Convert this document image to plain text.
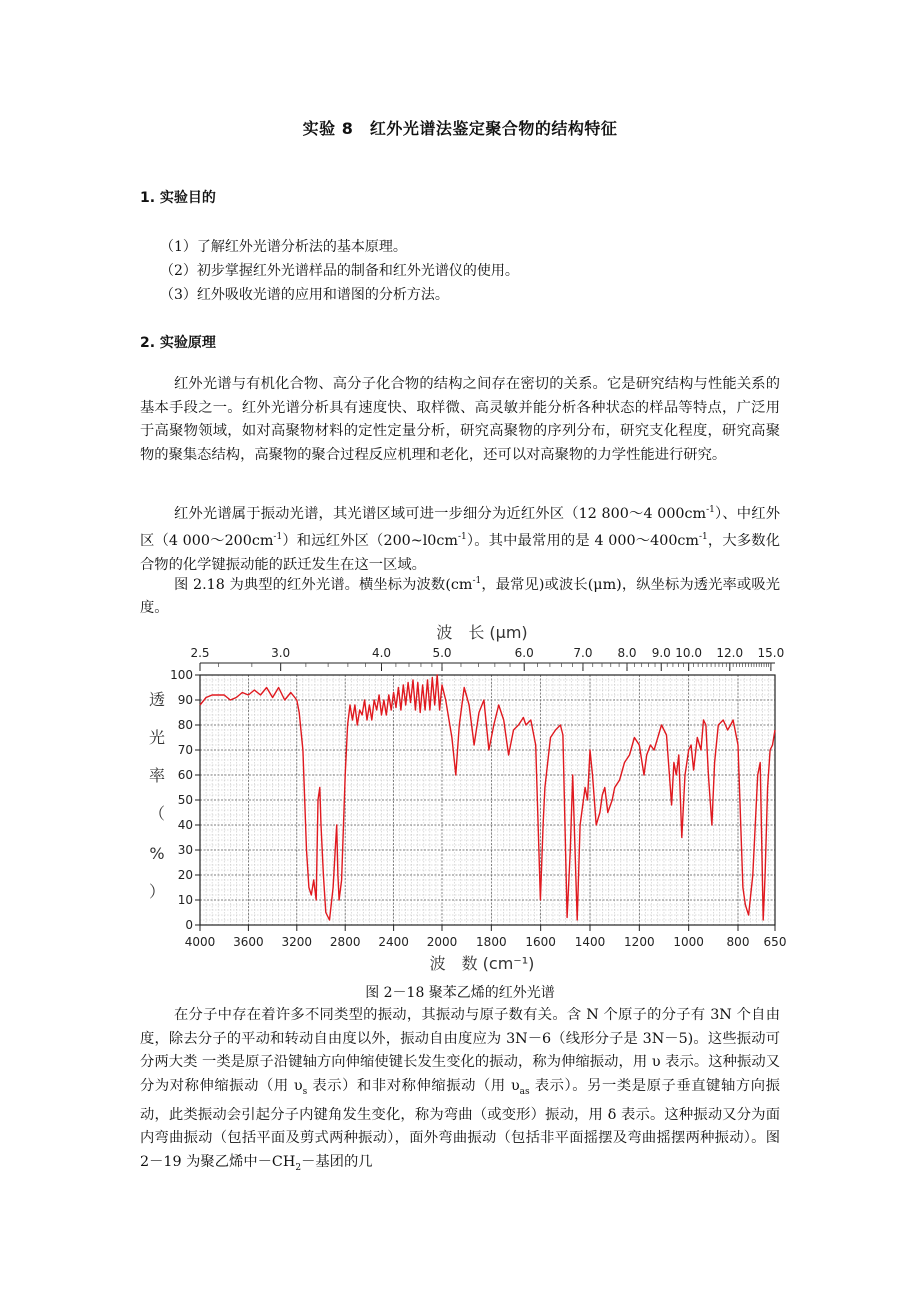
实验 8　红外光谱法鉴定聚合物的结构特征
1. 实验目的
（1）了解红外光谱分析法的基本原理。
（2）初步掌握红外光谱样品的制备和红外光谱仪的使用。
（3）红外吸收光谱的应用和谱图的分析方法。
2. 实验原理
红外光谱与有机化合物、高分子化合物的结构之间存在密切的关系。它是研究结构与性能关系的基本手段之一。红外光谱分析具有速度快、取样微、高灵敏并能分析各种状态的样品等特点，广泛用于高聚物领域，如对高聚物材料的定性定量分析，研究高聚物的序列分布，研究支化程度，研究高聚物的聚集态结构，高聚物的聚合过程反应机理和老化，还可以对高聚物的力学性能进行研究。
红外光谱属于振动光谱，其光谱区域可进一步细分为近红外区（12 800～4 $000cm^{-1}$）、中红外区（4 $000\sim 200cm^{-1}$）和远红外区$(200\sim l0cm^{-1})$。其中最常用的是 4 $000\sim 400cm^{-1}$，大多数化合物的化学键振动能的跃迁发生在这一区域。
图 2.18 为典型的红外光谱。横坐标为波数($cm^{-1}$，最常见)或波长(μm)，纵坐标为透光率或吸光度。
2.5	3.0	4.0	5.0	6.0	7.0 8.0 9.0 10.0 12.0 15.0
4000 3600 3200 2800 2400 2000 1800 1600 1400 1200 1000 800 650
100
90
80
70
60
50
40
30
20
10
0
波　长 (μm)
波　数 (cm⁻¹)
）
%
（
率
光
透
图 2－18 聚苯乙烯的红外光谱
在分子中存在着许多不同类型的振动，其振动与原子数有关。含 N 个原子的分子有 3N 个自由度，除去分子的平动和转动自由度以外，振动自由度应为 3N－6（线形分子是 3N－5)。这些振动可分两大类 一类是原子沿键轴方向伸缩使键长发生变化的振动，称为伸缩振动，用 υ 表示。这种振动又分为对称伸缩振动（用 $\upsilon_s$ 表示）和非对称伸缩振动（用 $\upsilon_{as}$ 表示）。另一类是原子垂直键轴方向振动，此类振动会引起分子内键角发生变化，称为弯曲（或变形）振动，用 δ 表示。这种振动又分为面内弯曲振动（包括平面及剪式两种振动），面外弯曲振动（包括非平面摇摆及弯曲摇摆两种振动）。图 2－19 为聚乙烯中$-CH_2-$基团的几
